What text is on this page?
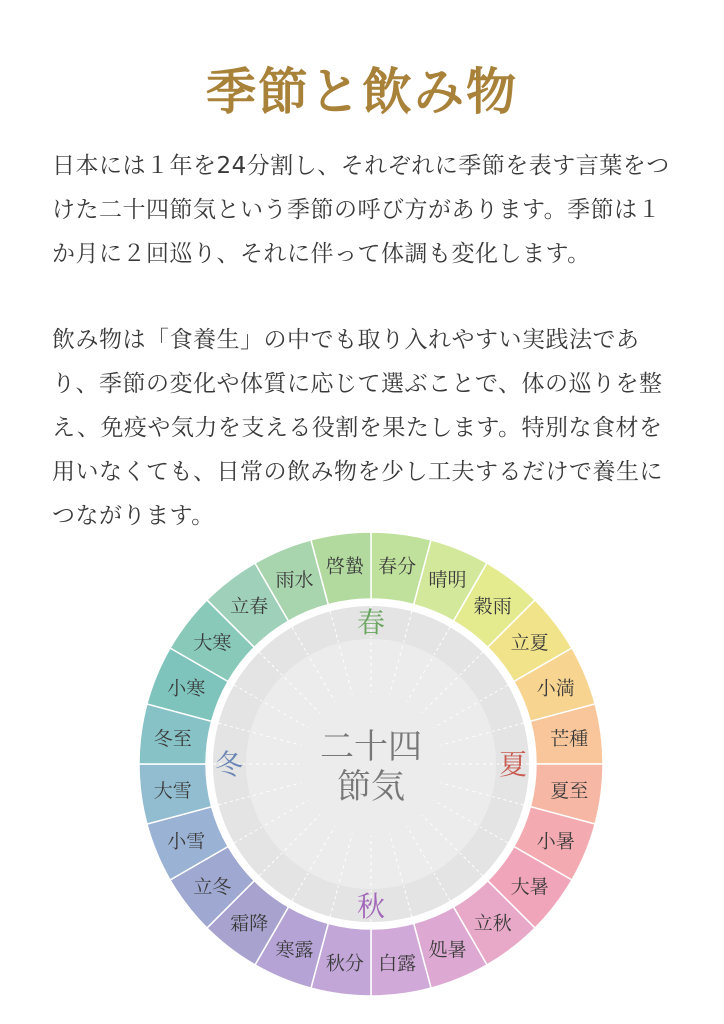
季節と飲み物

日本には１年を24分割し、それぞれに季節を表す言葉をつけた二十四節気という季節の呼び方があります。季節は１か月に２回巡り、それに伴って体調も変化します。

飲み物は「食養生」の中でも取り入れやすい実践法であり、季節の変化や体質に応じて選ぶことで、体の巡りを整え、免疫や気力を支える役割を果たします。特別な食材を用いなくても、日常の飲み物を少し工夫するだけで養生につながります。

春分
晴明
穀雨
立夏
小満
芒種
夏至
小暑
大暑
立秋
処暑
白露
秋分
寒露
霜降
立冬
小雪
大雪
冬至
小寒
大寒
立春
雨水
啓蟄
二十四
節気
春
夏
秋
冬
